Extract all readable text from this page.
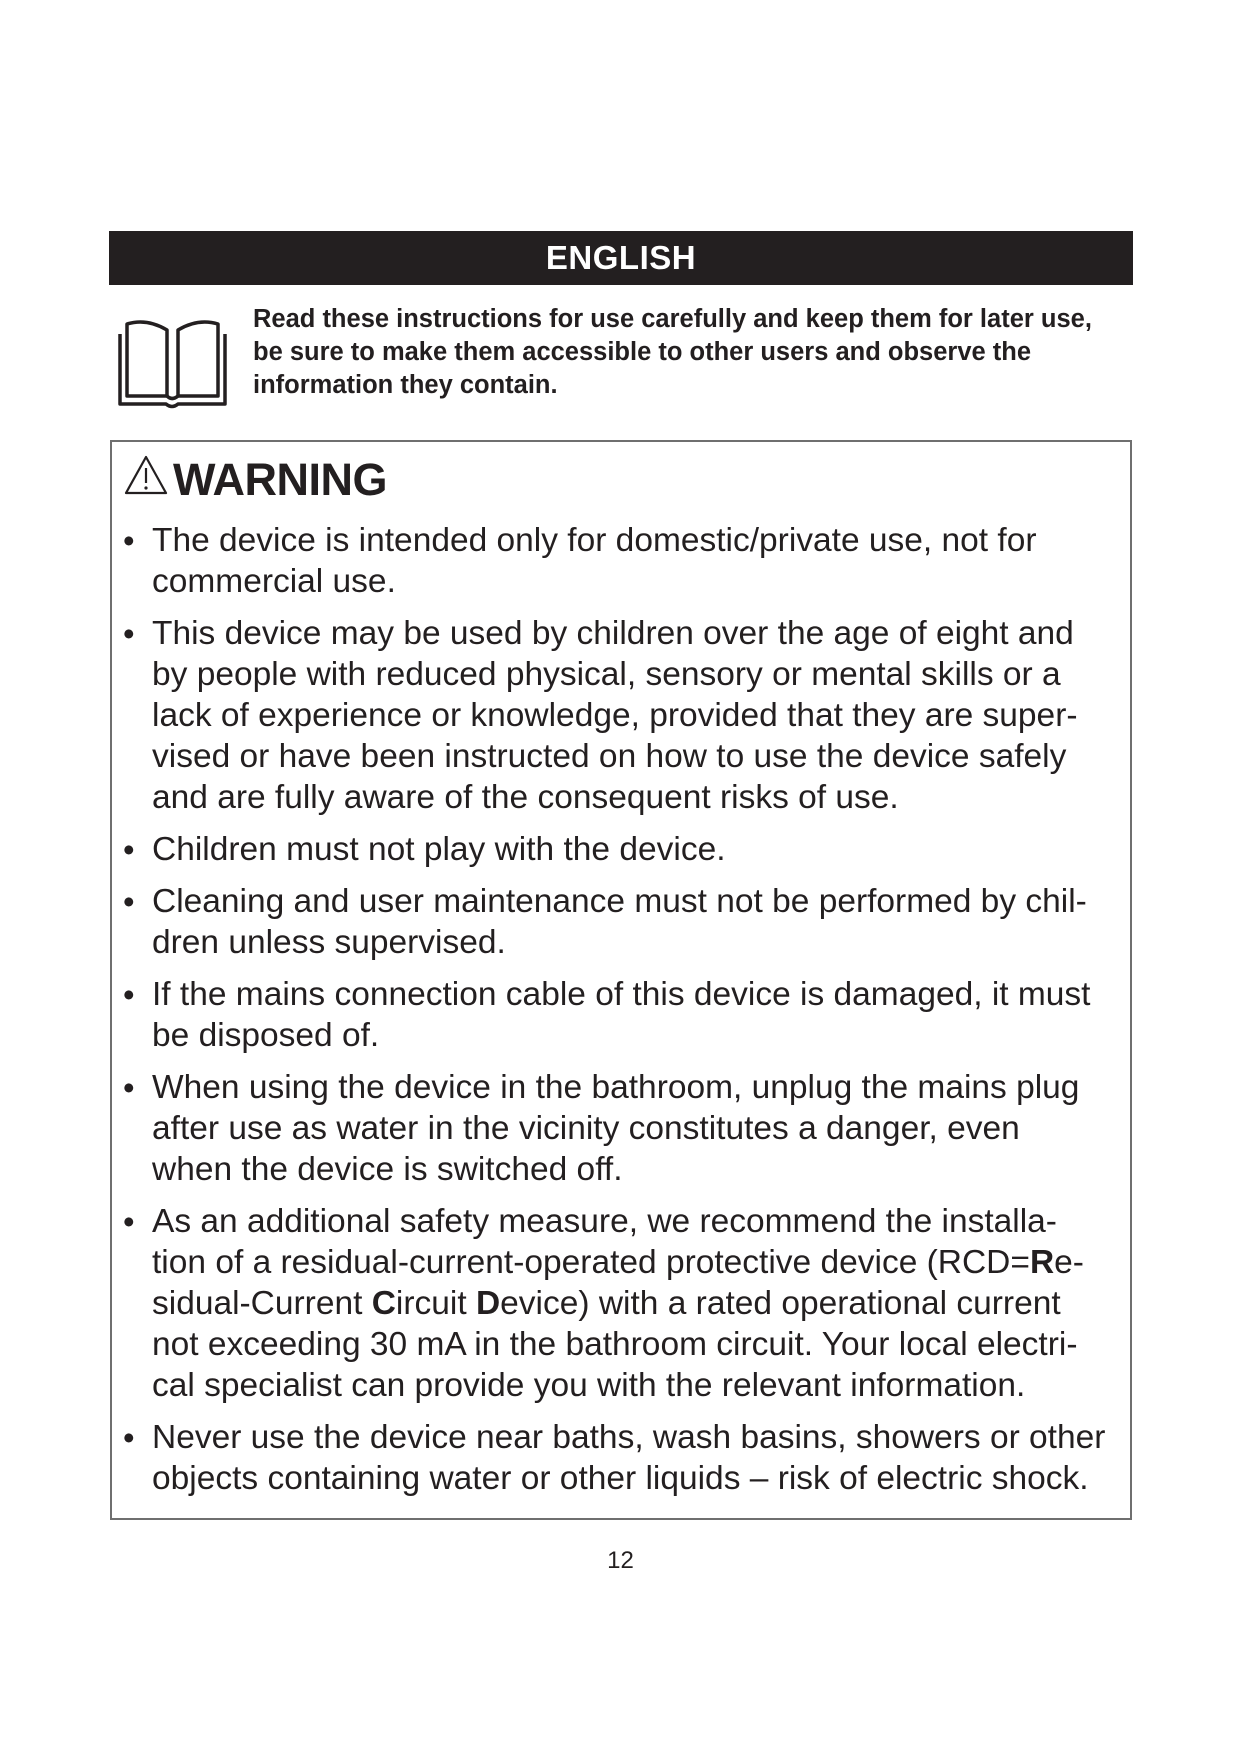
ENGLISH
Read these instructions for use carefully and keep them for later use,
be sure to make them accessible to other users and observe the
information they contain.
WARNING
• The device is intended only for domestic/private use, not for
commercial use.
• This device may be used by children over the age of eight and
by people with reduced physical, sensory or mental skills or a
lack of experience or knowledge, provided that they are super-
vised or have been instructed on how to use the device safely
and are fully aware of the consequent risks of use.
• Children must not play with the device.
• Cleaning and user maintenance must not be performed by chil-
dren unless supervised.
• If the mains connection cable of this device is damaged, it must
be disposed of.
• When using the device in the bathroom, unplug the mains plug
after use as water in the vicinity constitutes a danger, even
when the device is switched off.
• As an additional safety measure, we recommend the installa-
tion of a residual-current-operated protective device (RCD=Re-
sidual-Current Circuit Device) with a rated operational current
not exceeding 30 mA in the bathroom circuit. Your local electri-
cal specialist can provide you with the relevant information.
• Never use the device near baths, wash basins, showers or other
objects containing water or other liquids – risk of electric shock.
12
